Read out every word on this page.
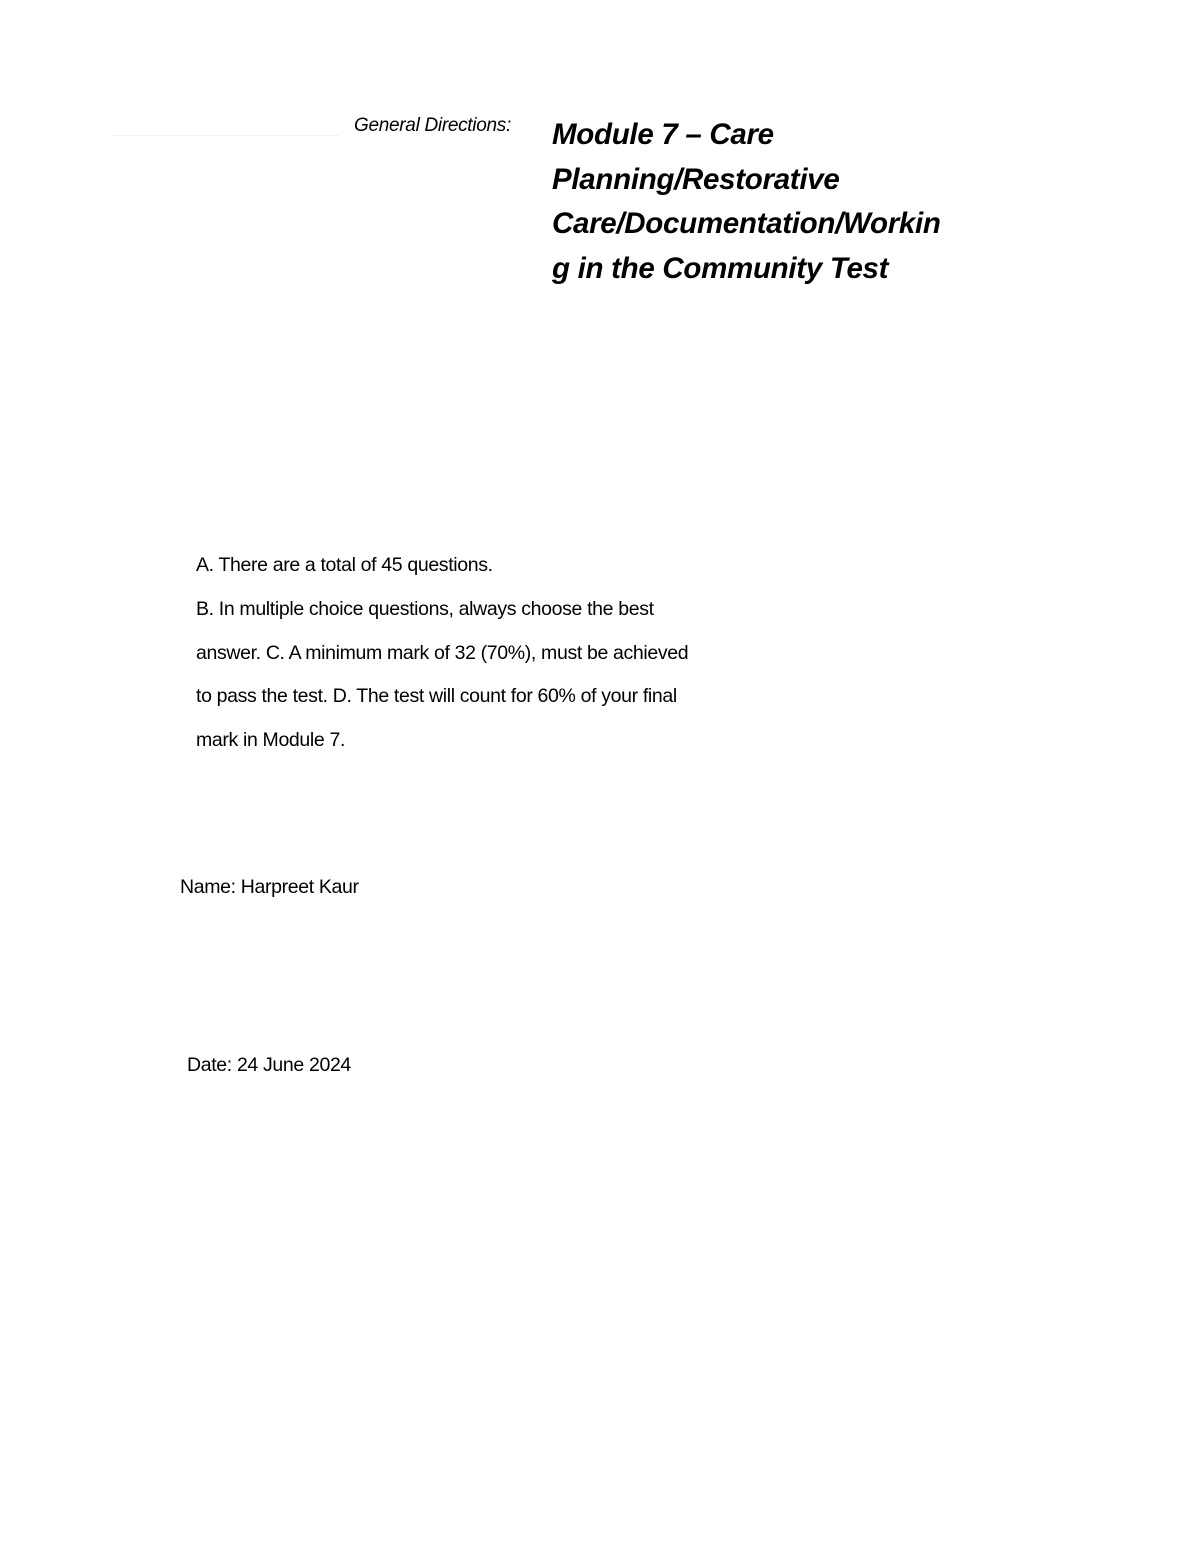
General Directions: Module 7 – Care
Planning/Restorative
Care/Documentation/Workin
g in the Community Test
A. There are a total of 45 questions.
B. In multiple choice questions, always choose the best
answer. C. A minimum mark of 32 (70%), must be achieved
to pass the test. D. The test will count for 60% of your final
mark in Module 7.
Name: Harpreet Kaur
Date: 24 June 2024
